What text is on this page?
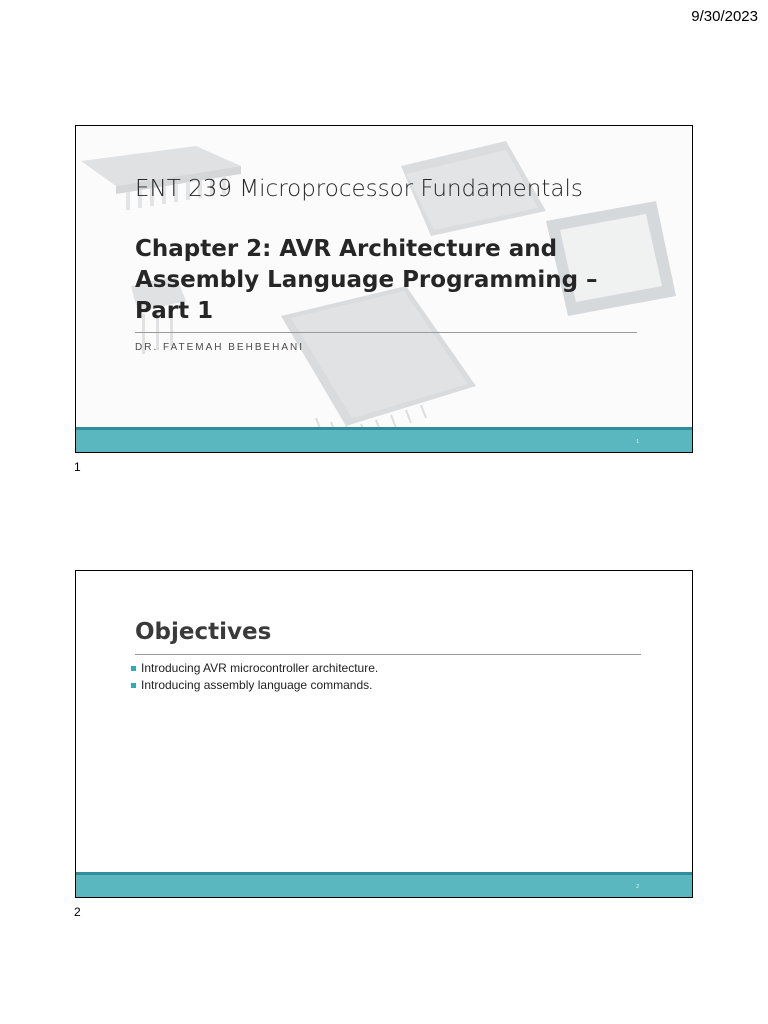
9/30/2023
ENT 239 Microprocessor Fundamentals
Chapter 2: AVR Architecture and Assembly Language Programming – Part 1
DR. FATEMAH BEHBEHANI
1
1
Objectives
Introducing AVR microcontroller architecture.
Introducing assembly language commands.
2
2
